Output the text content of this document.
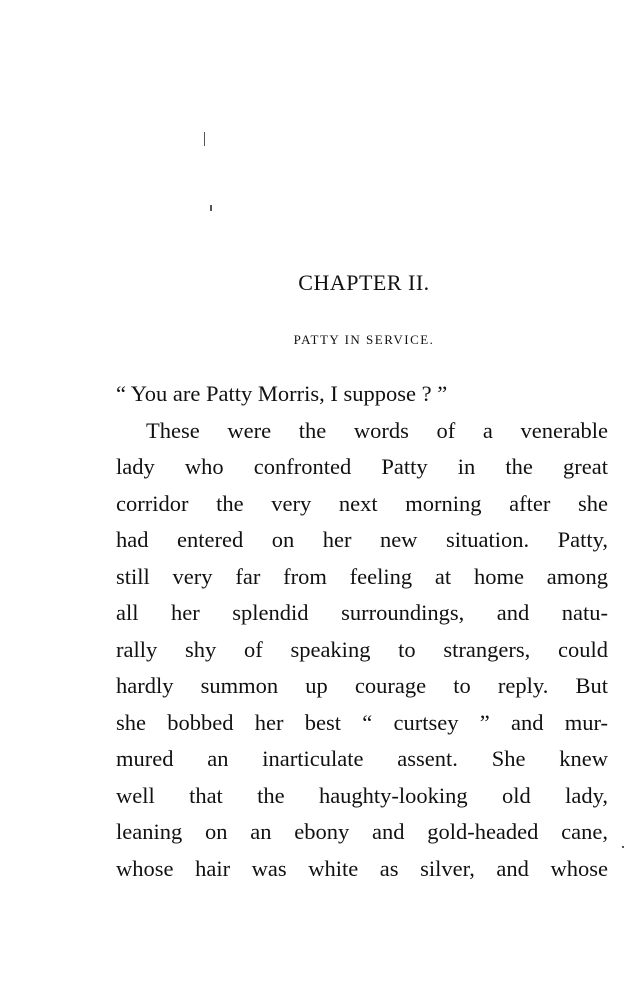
CHAPTER II.
PATTY IN SERVICE.
“ You are Patty Morris, I suppose ? ”
These were the words of a venerable
lady who confronted Patty in the great
corridor the very next morning after she
had entered on her new situation. Patty,
still very far from feeling at home among
all her splendid surroundings, and natu-
rally shy of speaking to strangers, could
hardly summon up courage to reply. But
she bobbed her best “ curtsey ” and mur-
mured an inarticulate assent. She knew
well that the haughty-looking old lady,
leaning on an ebony and gold-headed cane,
whose hair was white as silver, and whose
